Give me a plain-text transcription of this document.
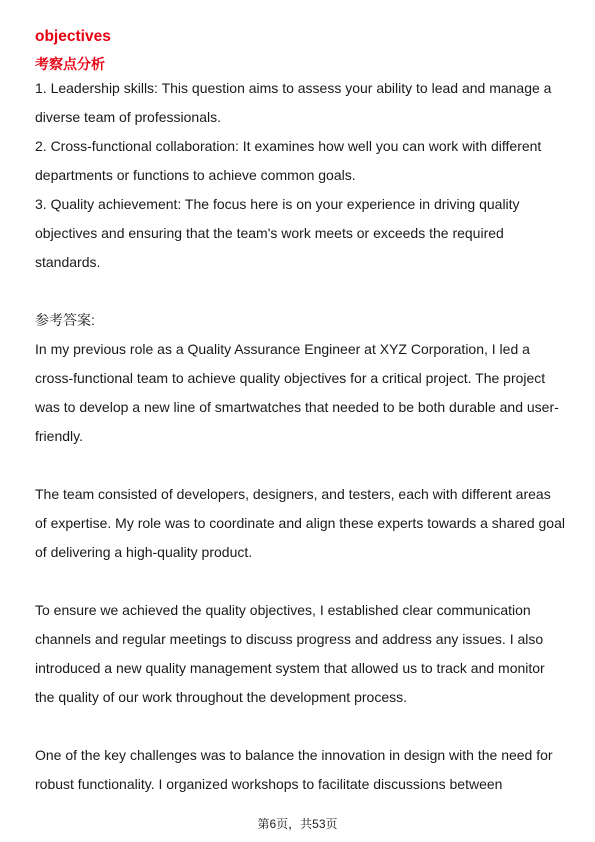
objectives
考察点分析

1. Leadership skills: This question aims to assess your ability to lead and manage a diverse team of professionals.

2. Cross-functional collaboration: It examines how well you can work with different departments or functions to achieve common goals.

3. Quality achievement: The focus here is on your experience in driving quality objectives and ensuring that the team's work meets or exceeds the required standards.

参考答案:

In my previous role as a Quality Assurance Engineer at XYZ Corporation, I led a cross-functional team to achieve quality objectives for a critical project. The project was to develop a new line of smartwatches that needed to be both durable and user-friendly.

The team consisted of developers, designers, and testers, each with different areas of expertise. My role was to coordinate and align these experts towards a shared goal of delivering a high-quality product.

To ensure we achieved the quality objectives, I established clear communication channels and regular meetings to discuss progress and address any issues. I also introduced a new quality management system that allowed us to track and monitor the quality of our work throughout the development process.

One of the key challenges was to balance the innovation in design with the need for robust functionality. I organized workshops to facilitate discussions between

第6页，共53页
